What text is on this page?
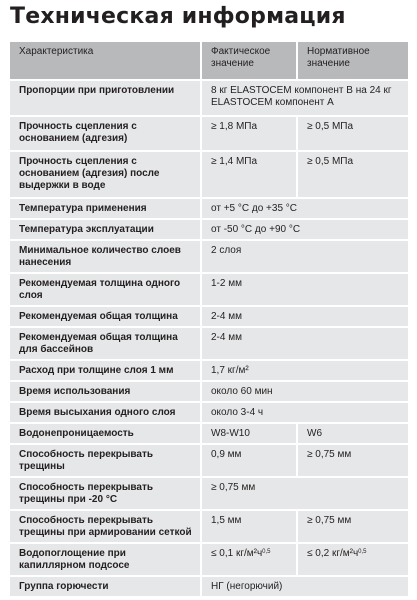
Техническая информация
Характеристика	Фактическое значение	Нормативное значение
Пропорции при приготовлении	8 кг ELASTOCEM компонент В на 24 кг ELASTOCEM компонент А	
Прочность сцепления с основанием (адгезия)	≥ 1,8 МПа	≥ 0,5 МПа
Прочность сцепления с основанием (адгезия) после выдержки в воде	≥ 1,4 МПа	≥ 0,5 МПа
Температура применения	от +5 °С до +35 °С	
Температура эксплуатации	от -50 °С до +90 °С	
Минимальное количество слоев нанесения	2 слоя	
Рекомендуемая толщина одного слоя	1-2 мм	
Рекомендуемая общая толщина	2-4 мм	
Рекомендуемая общая толщина для бассейнов	2-4 мм	
Расход при толщине слоя 1 мм	1,7 кг/м²	
Время использования	около 60 мин	
Время высыхания одного слоя	около 3-4 ч	
Водонепроницаемость	W8-W10	W6
Способность перекрывать трещины	0,9 мм	≥ 0,75 мм
Способность перекрывать трещины при -20 °С	≥ 0,75 мм	
Способность перекрывать трещины при армировании сеткой	1,5 мм	≥ 0,75 мм
Водопоглощение при капиллярном подсосе	≤ 0,1 $кг/м^2ч^{0,5}$	≤ 0,2 $кг/м^2ч^{0,5}$
Группа горючести	НГ (негорючий)	
